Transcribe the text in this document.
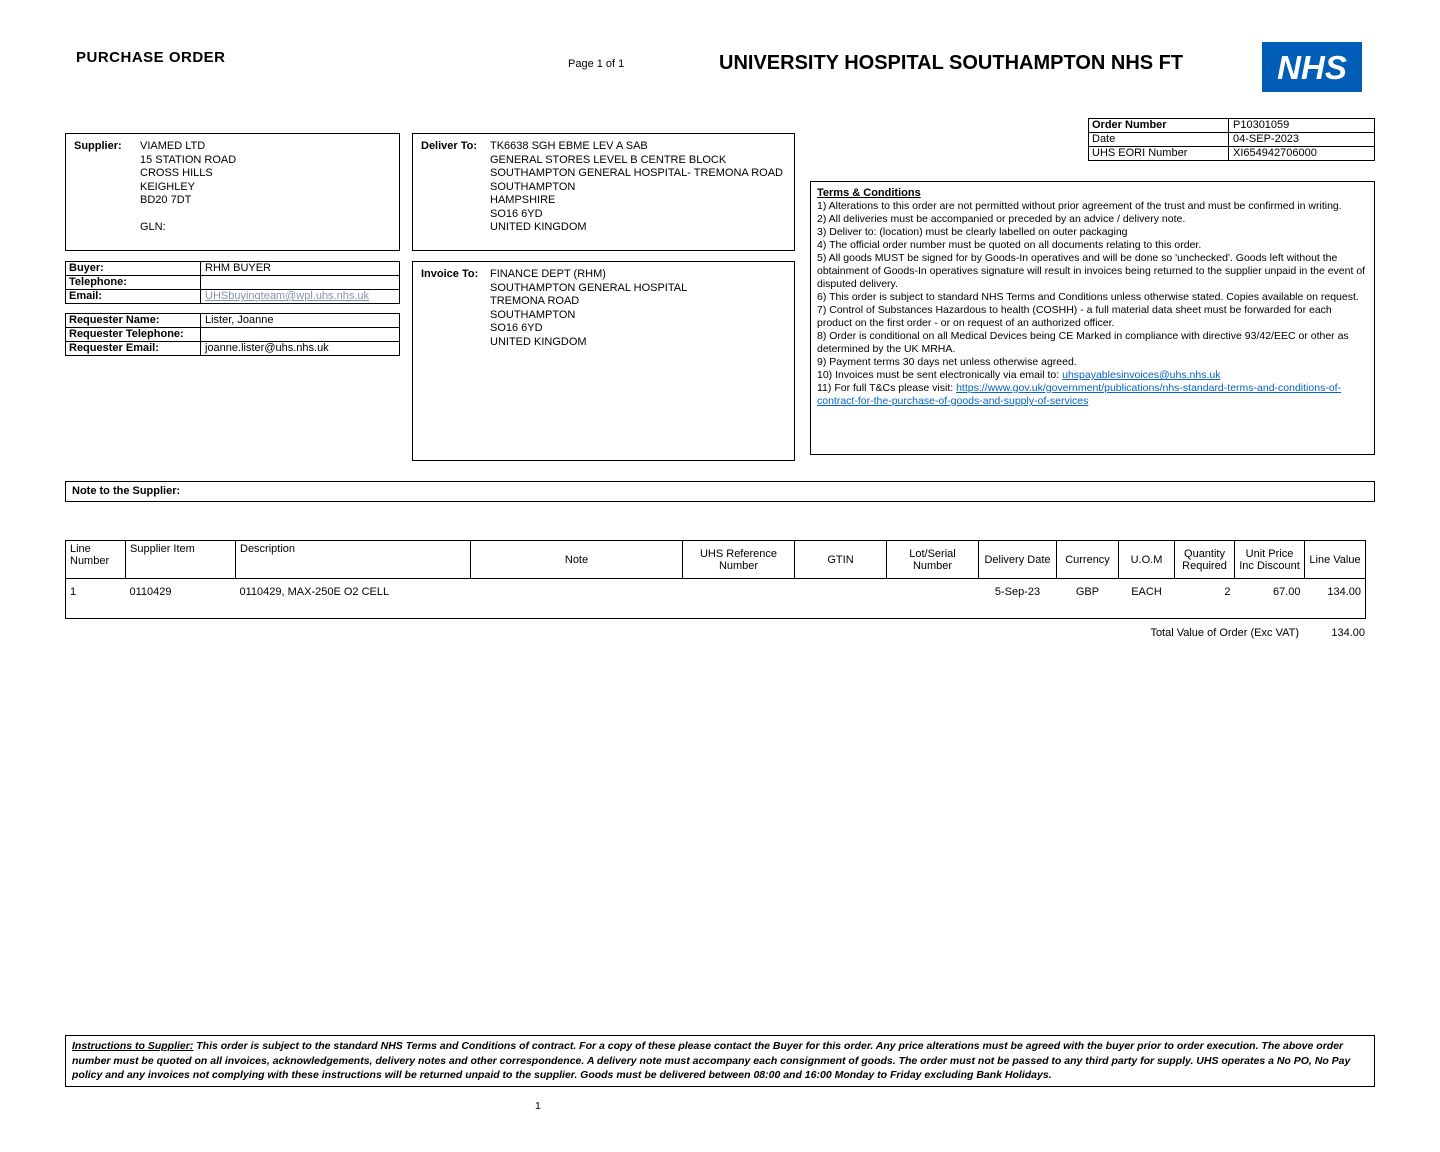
PURCHASE ORDER	Page 1 of 1	UNIVERSITY HOSPITAL SOUTHAMPTON NHS FT	NHS
Order Number	P10301059
Date	04-SEP-2023
UHS EORI Number	XI654942706000
Supplier:	VIAMED LTD
15 STATION ROAD
CROSS HILLS
KEIGHLEY
BD20 7DT
GLN:
Deliver To:	TK6638 SGH EBME LEV A SAB
GENERAL STORES LEVEL B CENTRE BLOCK
SOUTHAMPTON GENERAL HOSPITAL- TREMONA ROAD
SOUTHAMPTON
HAMPSHIRE
SO16 6YD
UNITED KINGDOM
Buyer:	RHM BUYER
Telephone:
Email:	UHSbuyingteam@wpl.uhs.nhs.uk
Requester Name:	Lister, Joanne
Requester Telephone:
Requester Email:	joanne.lister@uhs.nhs.uk
Invoice To:	FINANCE DEPT (RHM)
SOUTHAMPTON GENERAL HOSPITAL
TREMONA ROAD
SOUTHAMPTON
SO16 6YD
UNITED KINGDOM
Terms & Conditions
1) Alterations to this order are not permitted without prior agreement of the trust and must be confirmed in writing.
2) All deliveries must be accompanied or preceded by an advice / delivery note.
3) Deliver to: (location) must be clearly labelled on outer packaging
4) The official order number must be quoted on all documents relating to this order.
5) All goods MUST be signed for by Goods-In operatives and will be done so 'unchecked'. Goods left without the obtainment of Goods-In operatives signature will result in invoices being returned to the supplier unpaid in the event of disputed delivery.
6) This order is subject to standard NHS Terms and Conditions unless otherwise stated. Copies available on request.
7) Control of Substances Hazardous to health (COSHH) - a full material data sheet must be forwarded for each product on the first order - or on request of an authorized officer.
8) Order is conditional on all Medical Devices being CE Marked in compliance with directive 93/42/EEC or other as determined by the UK MRHA.
9) Payment terms 30 days net unless otherwise agreed.
10) Invoices must be sent electronically via email to: uhspayablesinvoices@uhs.nhs.uk
11) For full T&Cs please visit: https://www.gov.uk/government/publications/nhs-standard-terms-and-conditions-of-contract-for-the-purchase-of-goods-and-supply-of-services
Note to the Supplier:
Line Number	Supplier Item	Description	Note	UHS Reference Number	GTIN	Lot/Serial Number	Delivery Date	Currency	U.O.M	Quantity Required	Unit Price Inc Discount	Line Value
1	0110429	0110429, MAX-250E O2 CELL					5-Sep-23	GBP	EACH	2	67.00	134.00
Total Value of Order (Exc VAT)	134.00
Instructions to Supplier: This order is subject to the standard NHS Terms and Conditions of contract. For a copy of these please contact the Buyer for this order. Any price alterations must be agreed with the buyer prior to order execution. The above order number must be quoted on all invoices, acknowledgements, delivery notes and other correspondence. A delivery note must accompany each consignment of goods. The order must not be passed to any third party for supply. UHS operates a No PO, No Pay policy and any invoices not complying with these instructions will be returned unpaid to the supplier. Goods must be delivered between 08:00 and 16:00 Monday to Friday excluding Bank Holidays.
1
